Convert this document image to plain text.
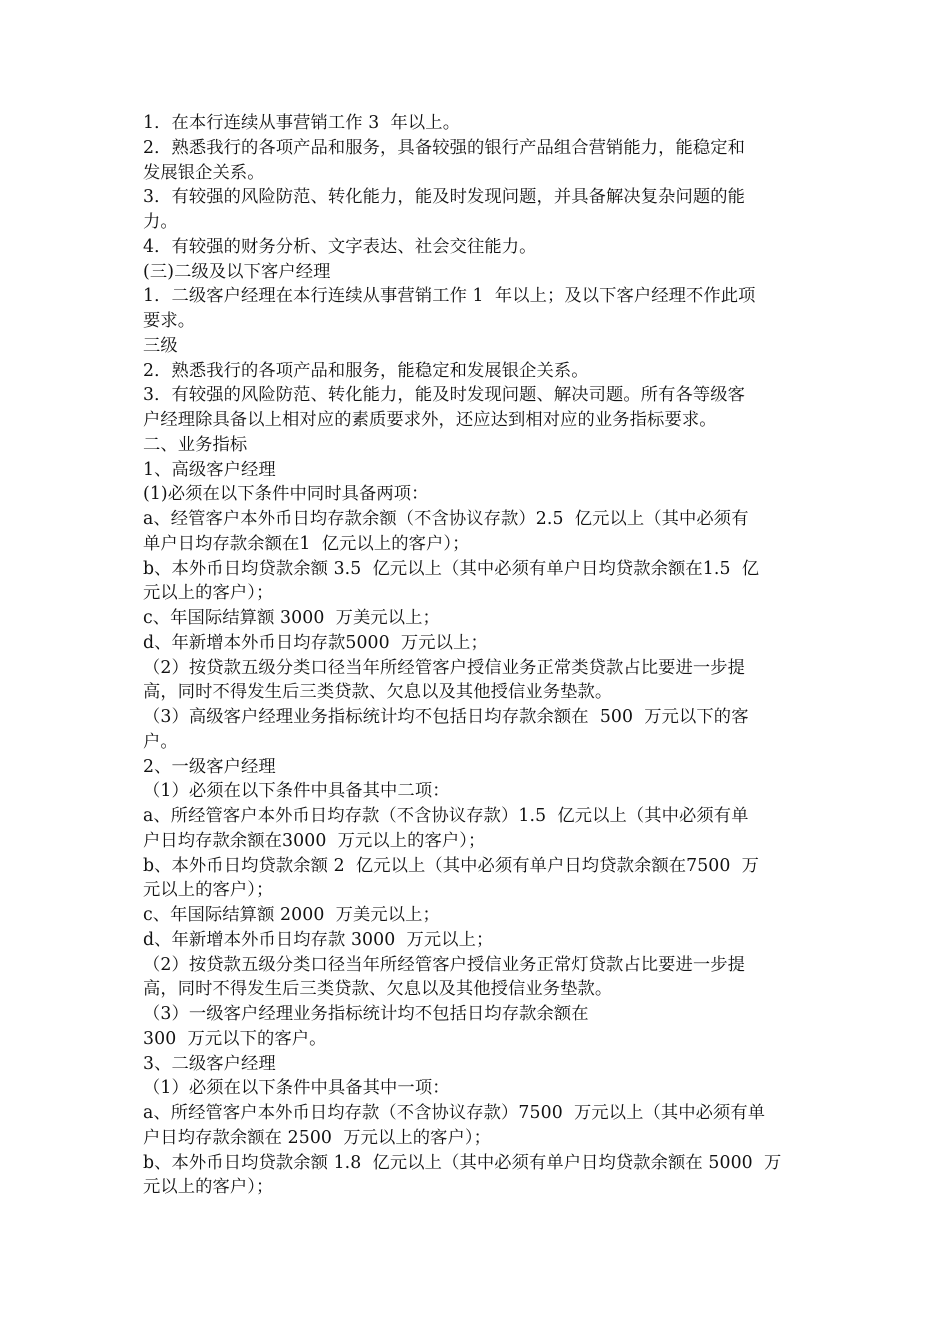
1．在本行连续从事营销工作 3  年以上。
2．熟悉我行的各项产品和服务，具备较强的银行产品组合营销能力，能稳定和
发展银企关系。
3．有较强的风险防范、转化能力，能及时发现问题，并具备解决复杂问题的能
力。
4．有较强的财务分析、文字表达、社会交往能力。
(三)二级及以下客户经理
1．二级客户经理在本行连续从事营销工作 1  年以上；及以下客户经理不作此项
要求。
三级
2．熟悉我行的各项产品和服务，能稳定和发展银企关系。
3．有较强的风险防范、转化能力，能及时发现问题、解决司题。所有各等级客
户经理除具备以上相对应的素质要求外，还应达到相对应的业务指标要求。
二、业务指标
1、高级客户经理
(1)必须在以下条件中同时具备两项：
a、经管客户本外币日均存款余额（不含协议存款）2.5  亿元以上（其中必须有
单户日均存款余额在1  亿元以上的客户）；
b、本外币日均贷款余额 3.5  亿元以上（其中必须有单户日均贷款余额在1.5  亿
元以上的客户）；
c、年国际结算额 3000  万美元以上；
d、年新增本外币日均存款5000  万元以上；
（2）按贷款五级分类口径当年所经管客户授信业务正常类贷款占比要进一步提
高，同时不得发生后三类贷款、欠息以及其他授信业务垫款。
（3）高级客户经理业务指标统计均不包括日均存款余额在  500  万元以下的客
户。
2、一级客户经理
（1）必须在以下条件中具备其中二项：
a、所经管客户本外币日均存款（不含协议存款）1.5  亿元以上（其中必须有单
户日均存款余额在3000  万元以上的客户）；
b、本外币日均贷款余额 2  亿元以上（其中必须有单户日均贷款余额在7500  万
元以上的客户）；
c、年国际结算额 2000  万美元以上；
d、年新增本外币日均存款 3000  万元以上；
（2）按贷款五级分类口径当年所经管客户授信业务正常灯贷款占比要进一步提
高，同时不得发生后三类贷款、欠息以及其他授信业务垫款。
（3）一级客户经理业务指标统计均不包括日均存款余额在
300  万元以下的客户。
3、二级客户经理
（1）必须在以下条件中具备其中一项：
a、所经管客户本外币日均存款（不含协议存款）7500  万元以上（其中必须有单
户日均存款余额在 2500  万元以上的客户）；
b、本外币日均贷款余额 1.8  亿元以上（其中必须有单户日均贷款余额在 5000  万
元以上的客户）；
